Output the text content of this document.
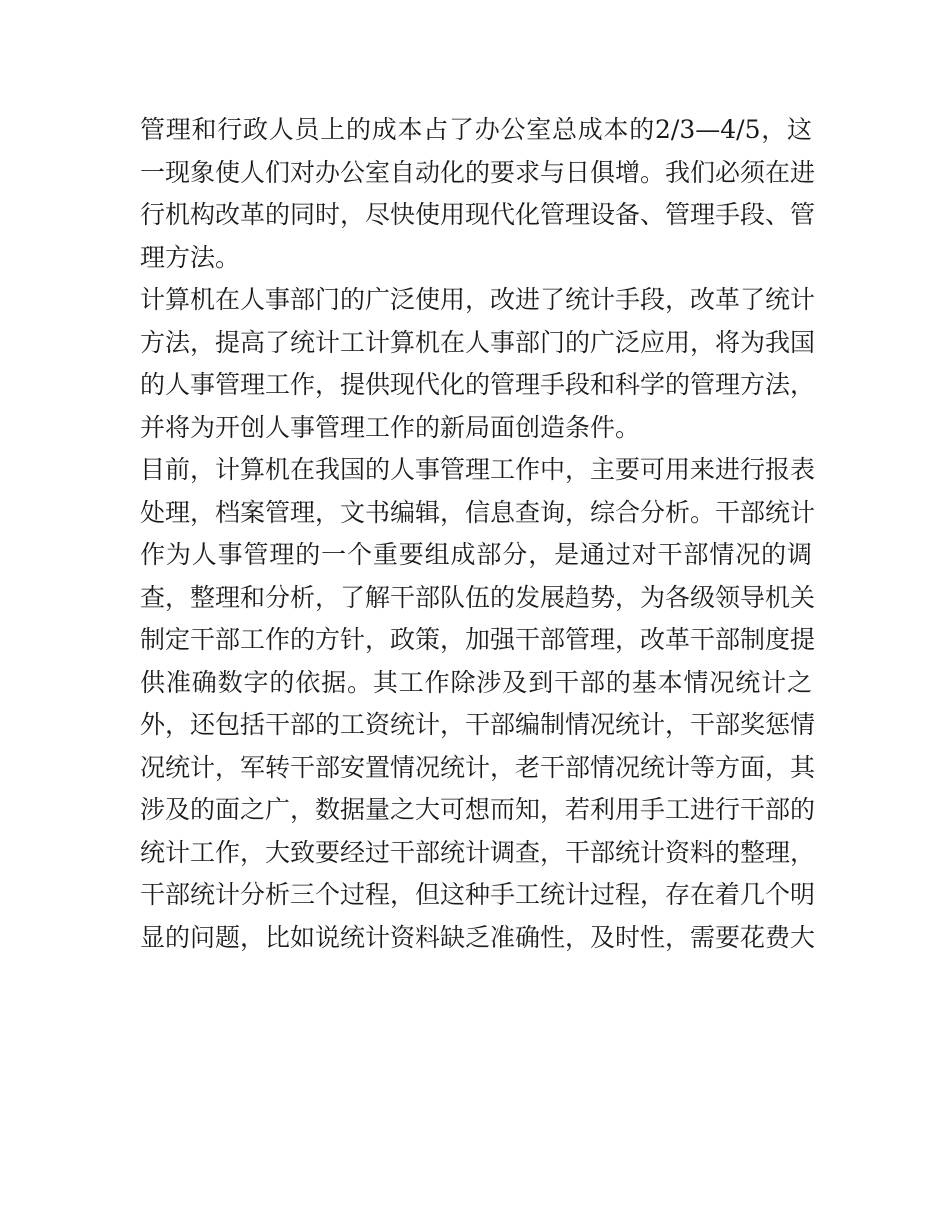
管理和行政人员上的成本占了办公室总成本的2/3—4/5，这
一现象使人们对办公室自动化的要求与日俱增。我们必须在进
行机构改革的同时，尽快使用现代化管理设备、管理手段、管
理方法。
计算机在人事部门的广泛使用，改进了统计手段，改革了统计
方法，提高了统计工计算机在人事部门的广泛应用，将为我国
的人事管理工作，提供现代化的管理手段和科学的管理方法，
并将为开创人事管理工作的新局面创造条件。
目前，计算机在我国的人事管理工作中，主要可用来进行报表
处理，档案管理，文书编辑，信息查询，综合分析。干部统计
作为人事管理的一个重要组成部分，是通过对干部情况的调
查，整理和分析，了解干部队伍的发展趋势，为各级领导机关
制定干部工作的方针，政策，加强干部管理，改革干部制度提
供准确数字的依据。其工作除涉及到干部的基本情况统计之
外，还包括干部的工资统计，干部编制情况统计，干部奖惩情
况统计，军转干部安置情况统计，老干部情况统计等方面，其
涉及的面之广，数据量之大可想而知，若利用手工进行干部的
统计工作，大致要经过干部统计调查，干部统计资料的整理，
干部统计分析三个过程，但这种手工统计过程，存在着几个明
显的问题，比如说统计资料缺乏准确性，及时性，需要花费大
